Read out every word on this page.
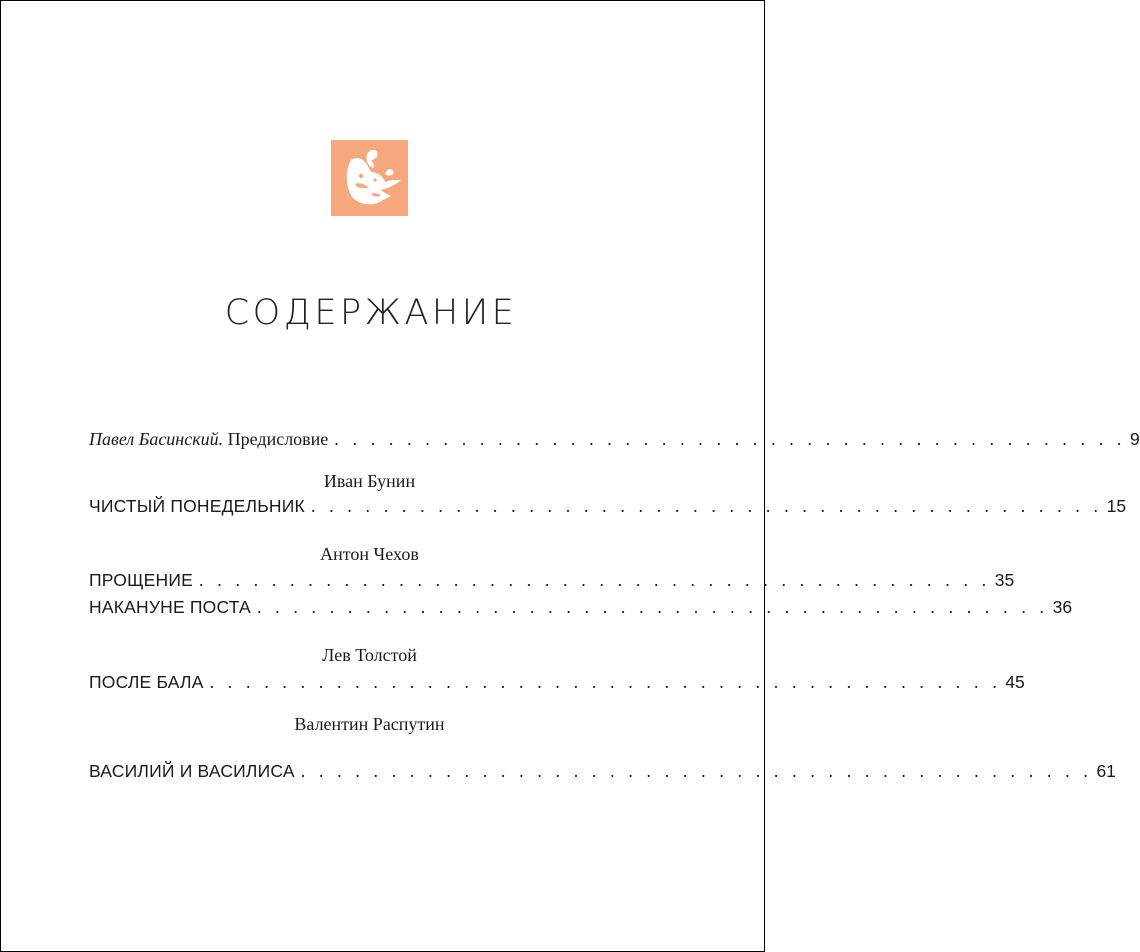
СОДЕРЖАНИЕ
Павел Басинский. Предисловие . . . . . . . . . . . . . . . . . . . . . . . . . . . . . . . . . . . . . . . . . . . . 9
Иван Бунин
ЧИСТЫЙ ПОНЕДЕЛЬНИК . . . . . . . . . . . . . . . . . . . . . . . . . . . . . . . . . . . . . . . . . . . . 15
Антон Чехов
ПРОЩЕНИЕ . . . . . . . . . . . . . . . . . . . . . . . . . . . . . . . . . . . . . . . . . . . . 35
НАКАНУНЕ ПОСТА . . . . . . . . . . . . . . . . . . . . . . . . . . . . . . . . . . . . . . . . . . . . 36
Лев Толстой
ПОСЛЕ БАЛА . . . . . . . . . . . . . . . . . . . . . . . . . . . . . . . . . . . . . . . . . . . . 45
Валентин Распутин
ВАСИЛИЙ И ВАСИЛИСА . . . . . . . . . . . . . . . . . . . . . . . . . . . . . . . . . . . . . . . . . . . . 61
